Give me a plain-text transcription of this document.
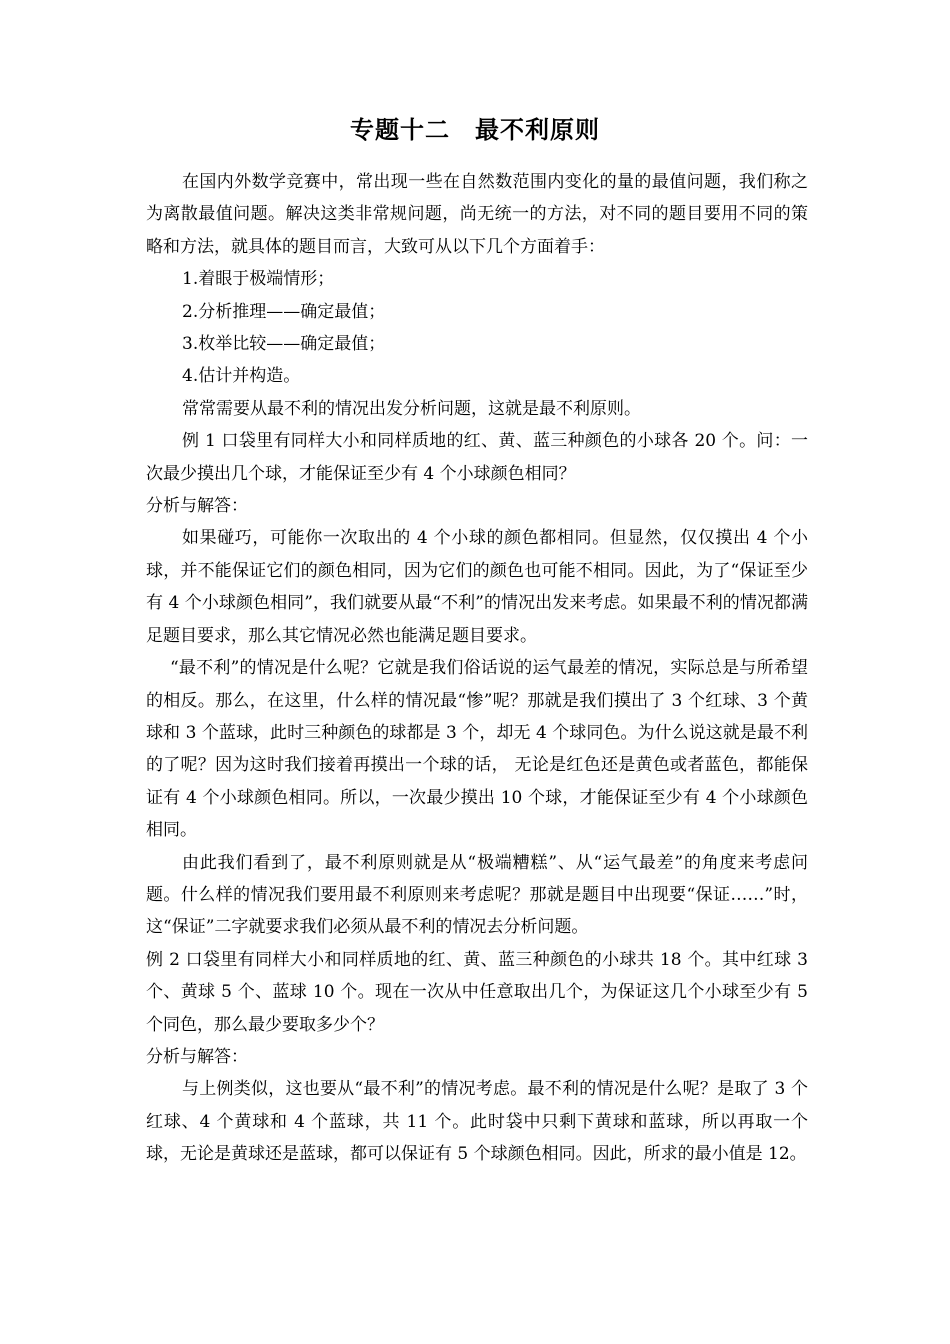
专题十二　最不利原则

在国内外数学竞赛中，常出现一些在自然数范围内变化的量的最值问题，我们称之为离散最值问题。解决这类非常规问题，尚无统一的方法，对不同的题目要用不同的策略和方法，就具体的题目而言，大致可从以下几个方面着手：

1.着眼于极端情形；

2.分析推理——确定最值；

3.枚举比较——确定最值；

4.估计并构造。

常常需要从最不利的情况出发分析问题，这就是最不利原则。

例 1 口袋里有同样大小和同样质地的红、黄、蓝三种颜色的小球各 20 个。问：一次最少摸出几个球，才能保证至少有 4 个小球颜色相同？

分析与解答：

如果碰巧，可能你一次取出的 4 个小球的颜色都相同。但显然，仅仅摸出 4 个小球，并不能保证它们的颜色相同，因为它们的颜色也可能不相同。因此，为了“保证至少有 4 个小球颜色相同”，我们就要从最“不利”的情况出发来考虑。如果最不利的情况都满足题目要求，那么其它情况必然也能满足题目要求。

“最不利”的情况是什么呢？它就是我们俗话说的运气最差的情况，实际总是与所希望的相反。那么，在这里，什么样的情况最“惨”呢？那就是我们摸出了 3 个红球、3 个黄球和 3 个蓝球，此时三种颜色的球都是 3 个，却无 4 个球同色。为什么说这就是最不利的了呢？因为这时我们接着再摸出一个球的话， 无论是红色还是黄色或者蓝色，都能保证有 4 个小球颜色相同。所以，一次最少摸出 10 个球，才能保证至少有 4 个小球颜色相同。

由此我们看到了，最不利原则就是从“极端糟糕”、从“运气最差”的角度来考虑问题。什么样的情况我们要用最不利原则来考虑呢？那就是题目中出现要“保证……”时，这“保证”二字就要求我们必须从最不利的情况去分析问题。

例 2 口袋里有同样大小和同样质地的红、黄、蓝三种颜色的小球共 18 个。其中红球 3 个、黄球 5 个、蓝球 10 个。现在一次从中任意取出几个，为保证这几个小球至少有 5 个同色，那么最少要取多少个？

分析与解答：

与上例类似，这也要从“最不利”的情况考虑。最不利的情况是什么呢？是取了 3 个红球、4 个黄球和 4 个蓝球，共 11 个。此时袋中只剩下黄球和蓝球，所以再取一个球，无论是黄球还是蓝球，都可以保证有 5 个球颜色相同。因此，所求的最小值是 12。
